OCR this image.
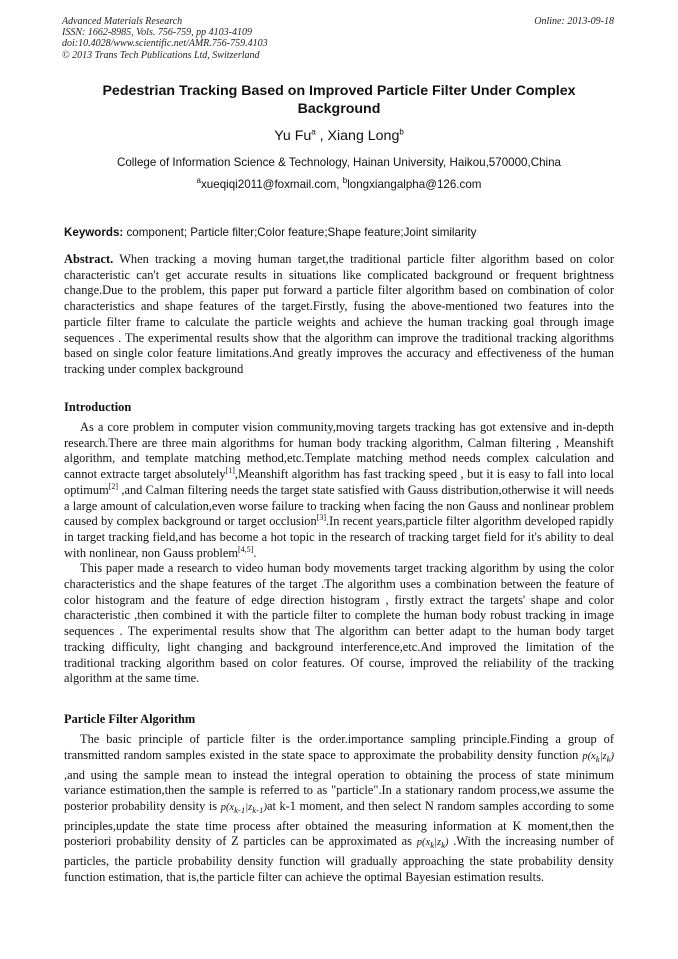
Advanced Materials Research
ISSN: 1662-8985, Vols. 756-759, pp 4103-4109
doi:10.4028/www.scientific.net/AMR.756-759.4103
© 2013 Trans Tech Publications Ltd, Switzerland
Online: 2013-09-18
Pedestrian Tracking Based on Improved Particle Filter Under Complex Background
Yu Fu$^a$ , Xiang Long$^b$
College of Information Science & Technology, Hainan University, Haikou,570000,China
$^a$xueqiqi2011@foxmail.com, $^b$longxiangalpha@126.com
Keywords: component; Particle filter;Color feature;Shape feature;Joint similarity

Abstract. When tracking a moving human target,the traditional particle filter algorithm based on color characteristic can't get accurate results in situations like complicated background or frequent brightness change.Due to the problem, this paper put forward a particle filter algorithm based on combination of color characteristics and shape features of the target.Firstly, fusing the above-mentioned two features into the particle filter frame to calculate the particle weights and achieve the human tracking goal through image sequences . The experimental results show that the algorithm can improve the traditional tracking algorithms based on single color feature limitations.And greatly improves the accuracy and effectiveness of the human tracking under complex background

Introduction

As a core problem in computer vision community,moving targets tracking has got extensive and in-depth research.There are three main algorithms for human body tracking algorithm, Calman filtering , Meanshift algorithm, and template matching method,etc.Template matching method needs complex calculation and cannot extracte target absolutely[1],Meanshift algorithm has fast tracking speed , but it is easy to fall into local optimum[2] ,and Calman filtering needs the target state satisfied with Gauss distribution,otherwise it will needs a large amount of calculation,even worse failure to tracking when facing the non Gauss and nonlinear problem caused by complex background or target occlusion[3].In recent years,particle filter algorithm developed rapidly in target tracking field,and has become a hot topic in the research of tracking target field for it's ability to deal with nonlinear, non Gauss problem[4,5].

This paper made a research to video human body movements target tracking algorithm by using the color characteristics and the shape features of the target .The algorithm uses a combination between the feature of color histogram and the feature of edge direction histogram , firstly extract the targets' shape and color characteristic ,then combined it with the particle filter to complete the human body robust tracking in image sequences . The experimental results show that The algorithm can better adapt to the human body target tracking difficulty, light changing and background interference,etc.And improved the limitation of the traditional tracking algorithm based on color features. Of course, improved the reliability of the tracking algorithm at the same time.

Particle Filter Algorithm

The basic principle of particle filter is the order.importance sampling principle.Finding a group of transmitted random samples existed in the state space to approximate the probability density function $p(x_k|z_k)$ ,and using the sample mean to instead the integral operation to obtaining the process of state minimum variance estimation,then the sample is referred to as "particle".In a stationary random process,we assume the posterior probability density is $p(x_{k-1}|z_{k-1})at$ k-1 moment, and then select N random samples according to some principles,update the state time process after obtained the measuring information at K moment,then the posteriori probability density of Z particles can be approximated as $p(x_k|z_k)$ .With the increasing number of particles, the particle probability density function will gradually approaching the state probability density function estimation, that is,the particle filter can achieve the optimal Bayesian estimation results.
